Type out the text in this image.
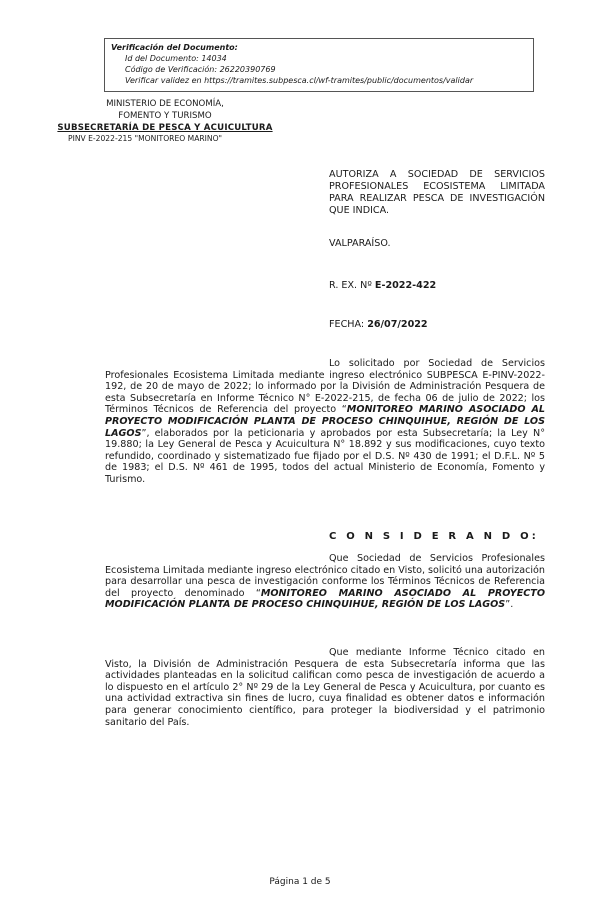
Verificación del Documento:
• Id del Documento: 14034
• Código de Verificación: 26220390769
• Verificar validez en https://tramites.subpesca.cl/wf-tramites/public/documentos/validar
MINISTERIO DE ECONOMÍA,
FOMENTO Y TURISMO
SUBSECRETARÍA DE PESCA Y ACUICULTURA
PINV E-2022-215 "MONITOREO MARINO"
AUTORIZA A SOCIEDAD DE SERVICIOS PROFESIONALES ECOSISTEMA LIMITADA PARA REALIZAR PESCA DE INVESTIGACIÓN QUE INDICA.
VALPARAÍSO.
R. EX. Nº E-2022-422
FECHA: 26/07/2022
Lo solicitado por Sociedad de Servicios Profesionales Ecosistema Limitada mediante ingreso electrónico SUBPESCA E-PINV-2022-192, de 20 de mayo de 2022; lo informado por la División de Administración Pesquera de esta Subsecretaría en Informe Técnico N° E-2022-215, de fecha 06 de julio de 2022; los Términos Técnicos de Referencia del proyecto “MONITOREO MARINO ASOCIADO AL PROYECTO MODIFICACIÓN PLANTA DE PROCESO CHINQUIHUE, REGIÓN DE LOS LAGOS”, elaborados por la peticionaria y aprobados por esta Subsecretaría; la Ley N° 19.880; la Ley General de Pesca y Acuicultura N° 18.892 y sus modificaciones, cuyo texto refundido, coordinado y sistematizado fue fijado por el D.S. Nº 430 de 1991; el D.F.L. Nº 5 de 1983; el D.S. Nº 461 de 1995, todos del actual Ministerio de Economía, Fomento y Turismo.
C O N S I D E R A N D O:
Que Sociedad de Servicios Profesionales Ecosistema Limitada mediante ingreso electrónico citado en Visto, solicitó una autorización para desarrollar una pesca de investigación conforme los Términos Técnicos de Referencia del proyecto denominado “MONITOREO MARINO ASOCIADO AL PROYECTO MODIFICACIÓN PLANTA DE PROCESO CHINQUIHUE, REGIÓN DE LOS LAGOS”.
Que mediante Informe Técnico citado en Visto, la División de Administración Pesquera de esta Subsecretaría informa que las actividades planteadas en la solicitud califican como pesca de investigación de acuerdo a lo dispuesto en el artículo 2° Nº 29 de la Ley General de Pesca y Acuicultura, por cuanto es una actividad extractiva sin fines de lucro, cuya finalidad es obtener datos e información para generar conocimiento científico, para proteger la biodiversidad y el patrimonio sanitario del País.
Página 1 de 5
